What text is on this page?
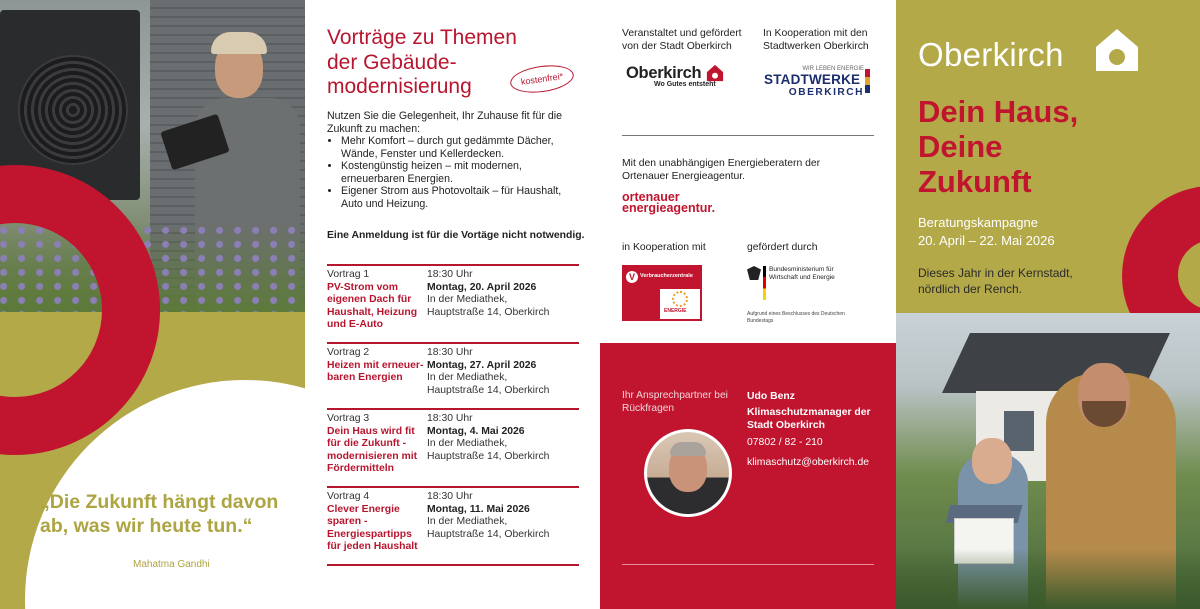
„Die Zukunft hängt davon ab, was wir heute tun.“
Mahatma Gandhi
Vorträge zu Themen der Gebäude-modernisierung	kostenfrei*
Nutzen Sie die Gelegenheit, Ihr Zuhause fit für die Zukunft zu machen:
• Mehr Komfort – durch gut gedämmte Dächer, Wände, Fenster und Kellerdecken.
• Kostengünstig heizen – mit modernen, erneuerbaren Energien.
• Eigener Strom aus Photovoltaik – für Haushalt, Auto und Heizung.
Eine Anmeldung ist für die Vortäge nicht notwendig.
Vortrag 1
PV-Strom vom eigenen Dach für Haushalt, Heizung und E-Auto
18:30 Uhr
Montag, 20. April 2026
In der Mediathek,
Hauptstraße 14, Oberkirch
Vortrag 2
Heizen mit erneuer-baren Energien
18:30 Uhr
Montag, 27. April 2026
In der Mediathek,
Hauptstraße 14, Oberkirch
Vortrag 3
Dein Haus wird fit für die Zukunft - modernisieren mit Fördermitteln
18:30 Uhr
Montag, 4. Mai 2026
In der Mediathek,
Hauptstraße 14, Oberkirch
Vortrag 4
Clever Energie sparen - Energiespartipps für jeden Haushalt
18:30 Uhr
Montag, 11. Mai 2026
In der Mediathek,
Hauptstraße 14, Oberkirch
Veranstaltet und gefördert von der Stadt Oberkirch
In Kooperation mit den Stadtwerken Oberkirch
Oberkirch
Wo Gutes entsteht
WIR LEBEN ENERGIE
STADTWERKE
OBERKIRCH
Mit den unabhängigen Energieberatern der Ortenauer Energieagentur.
ortenauer
energieagentur.
in Kooperation mit	gefördert durch
V Verbraucherzentrale
ENERGIE
Bundesministerium für Wirtschaft und Energie
Aufgrund eines Beschlusses des Deutschen Bundestags
Ihr Ansprechpartner bei Rückfragen
Udo Benz
Klimaschutzmanager der Stadt Oberkirch
07802 / 82 - 210
klimaschutz@oberkirch.de
Oberkirch
Dein Haus, Deine Zukunft
Beratungskampagne
20. April – 22. Mai 2026
Dieses Jahr in der Kernstadt, nördlich der Rench.
